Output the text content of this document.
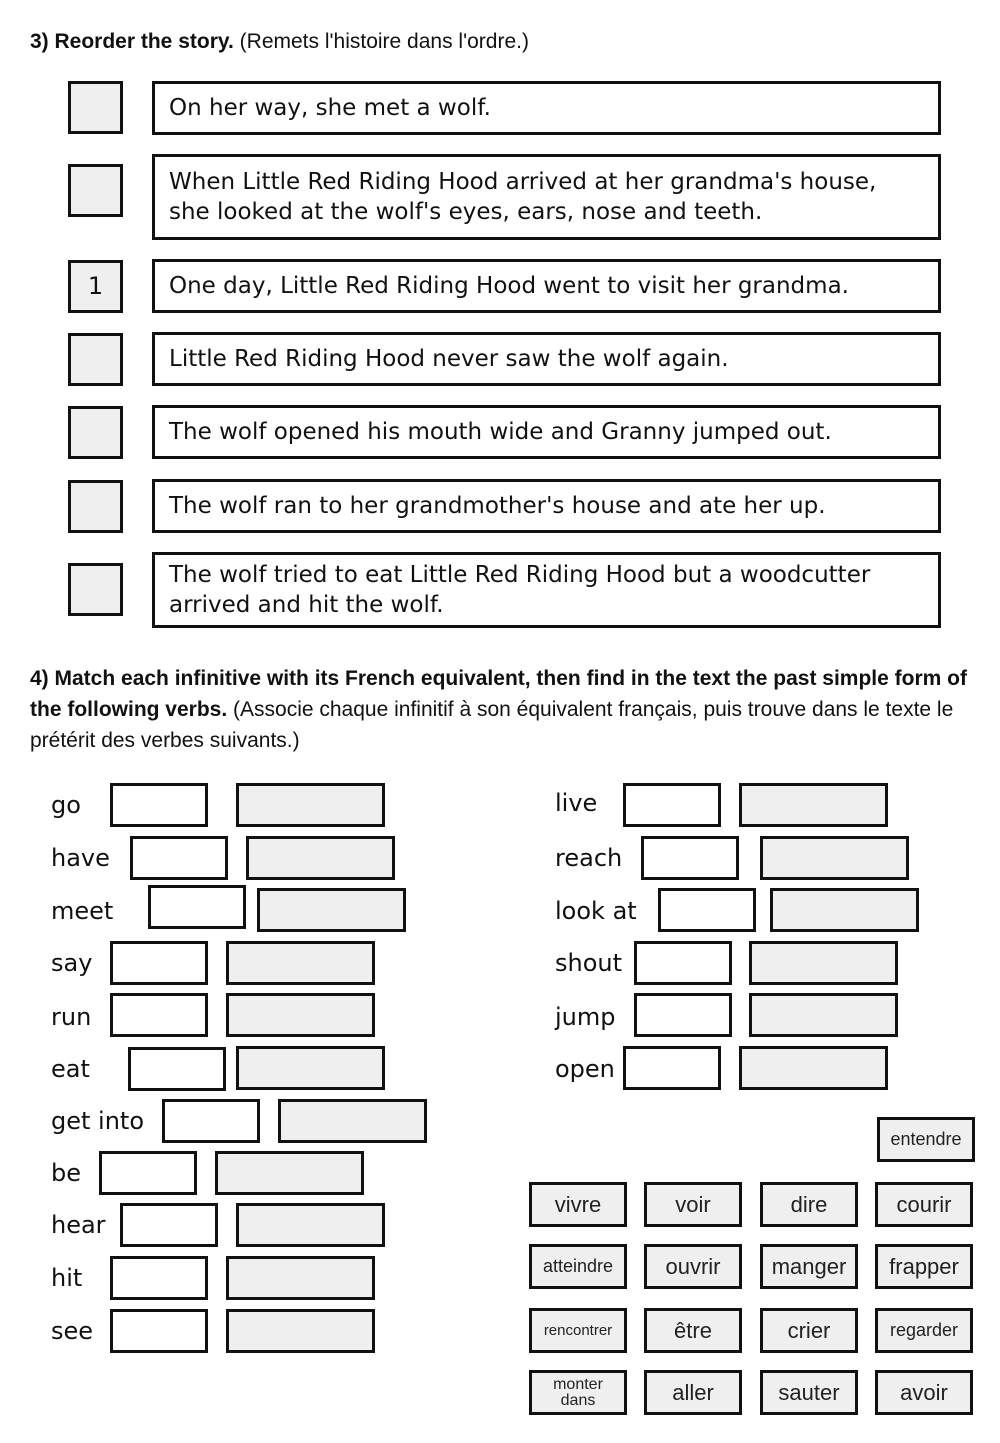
3) Reorder the story. (Remets l'histoire dans l'ordre.)
On her way, she met a wolf.
When Little Red Riding Hood arrived at her grandma's house, she looked at the wolf's eyes, ears, nose and teeth.
1	One day, Little Red Riding Hood went to visit her grandma.
Little Red Riding Hood never saw the wolf again.
The wolf opened his mouth wide and Granny jumped out.
The wolf ran to her grandmother's house and ate her up.
The wolf tried to eat Little Red Riding Hood but a woodcutter arrived and hit the wolf.
4) Match each infinitive with its French equivalent, then find in the text the past simple form of the following verbs. (Associe chaque infinitif à son équivalent français, puis trouve dans le texte le prétérit des verbes suivants.)
go
have
meet
say
run
eat
get into
be
hear
hit
see
live
reach
look at
shout
jump
open
entendre
vivre	voir	dire	courir
atteindre	ouvrir	manger	frapper
rencontrer	être	crier	regarder
monter dans	aller	sauter	avoir
